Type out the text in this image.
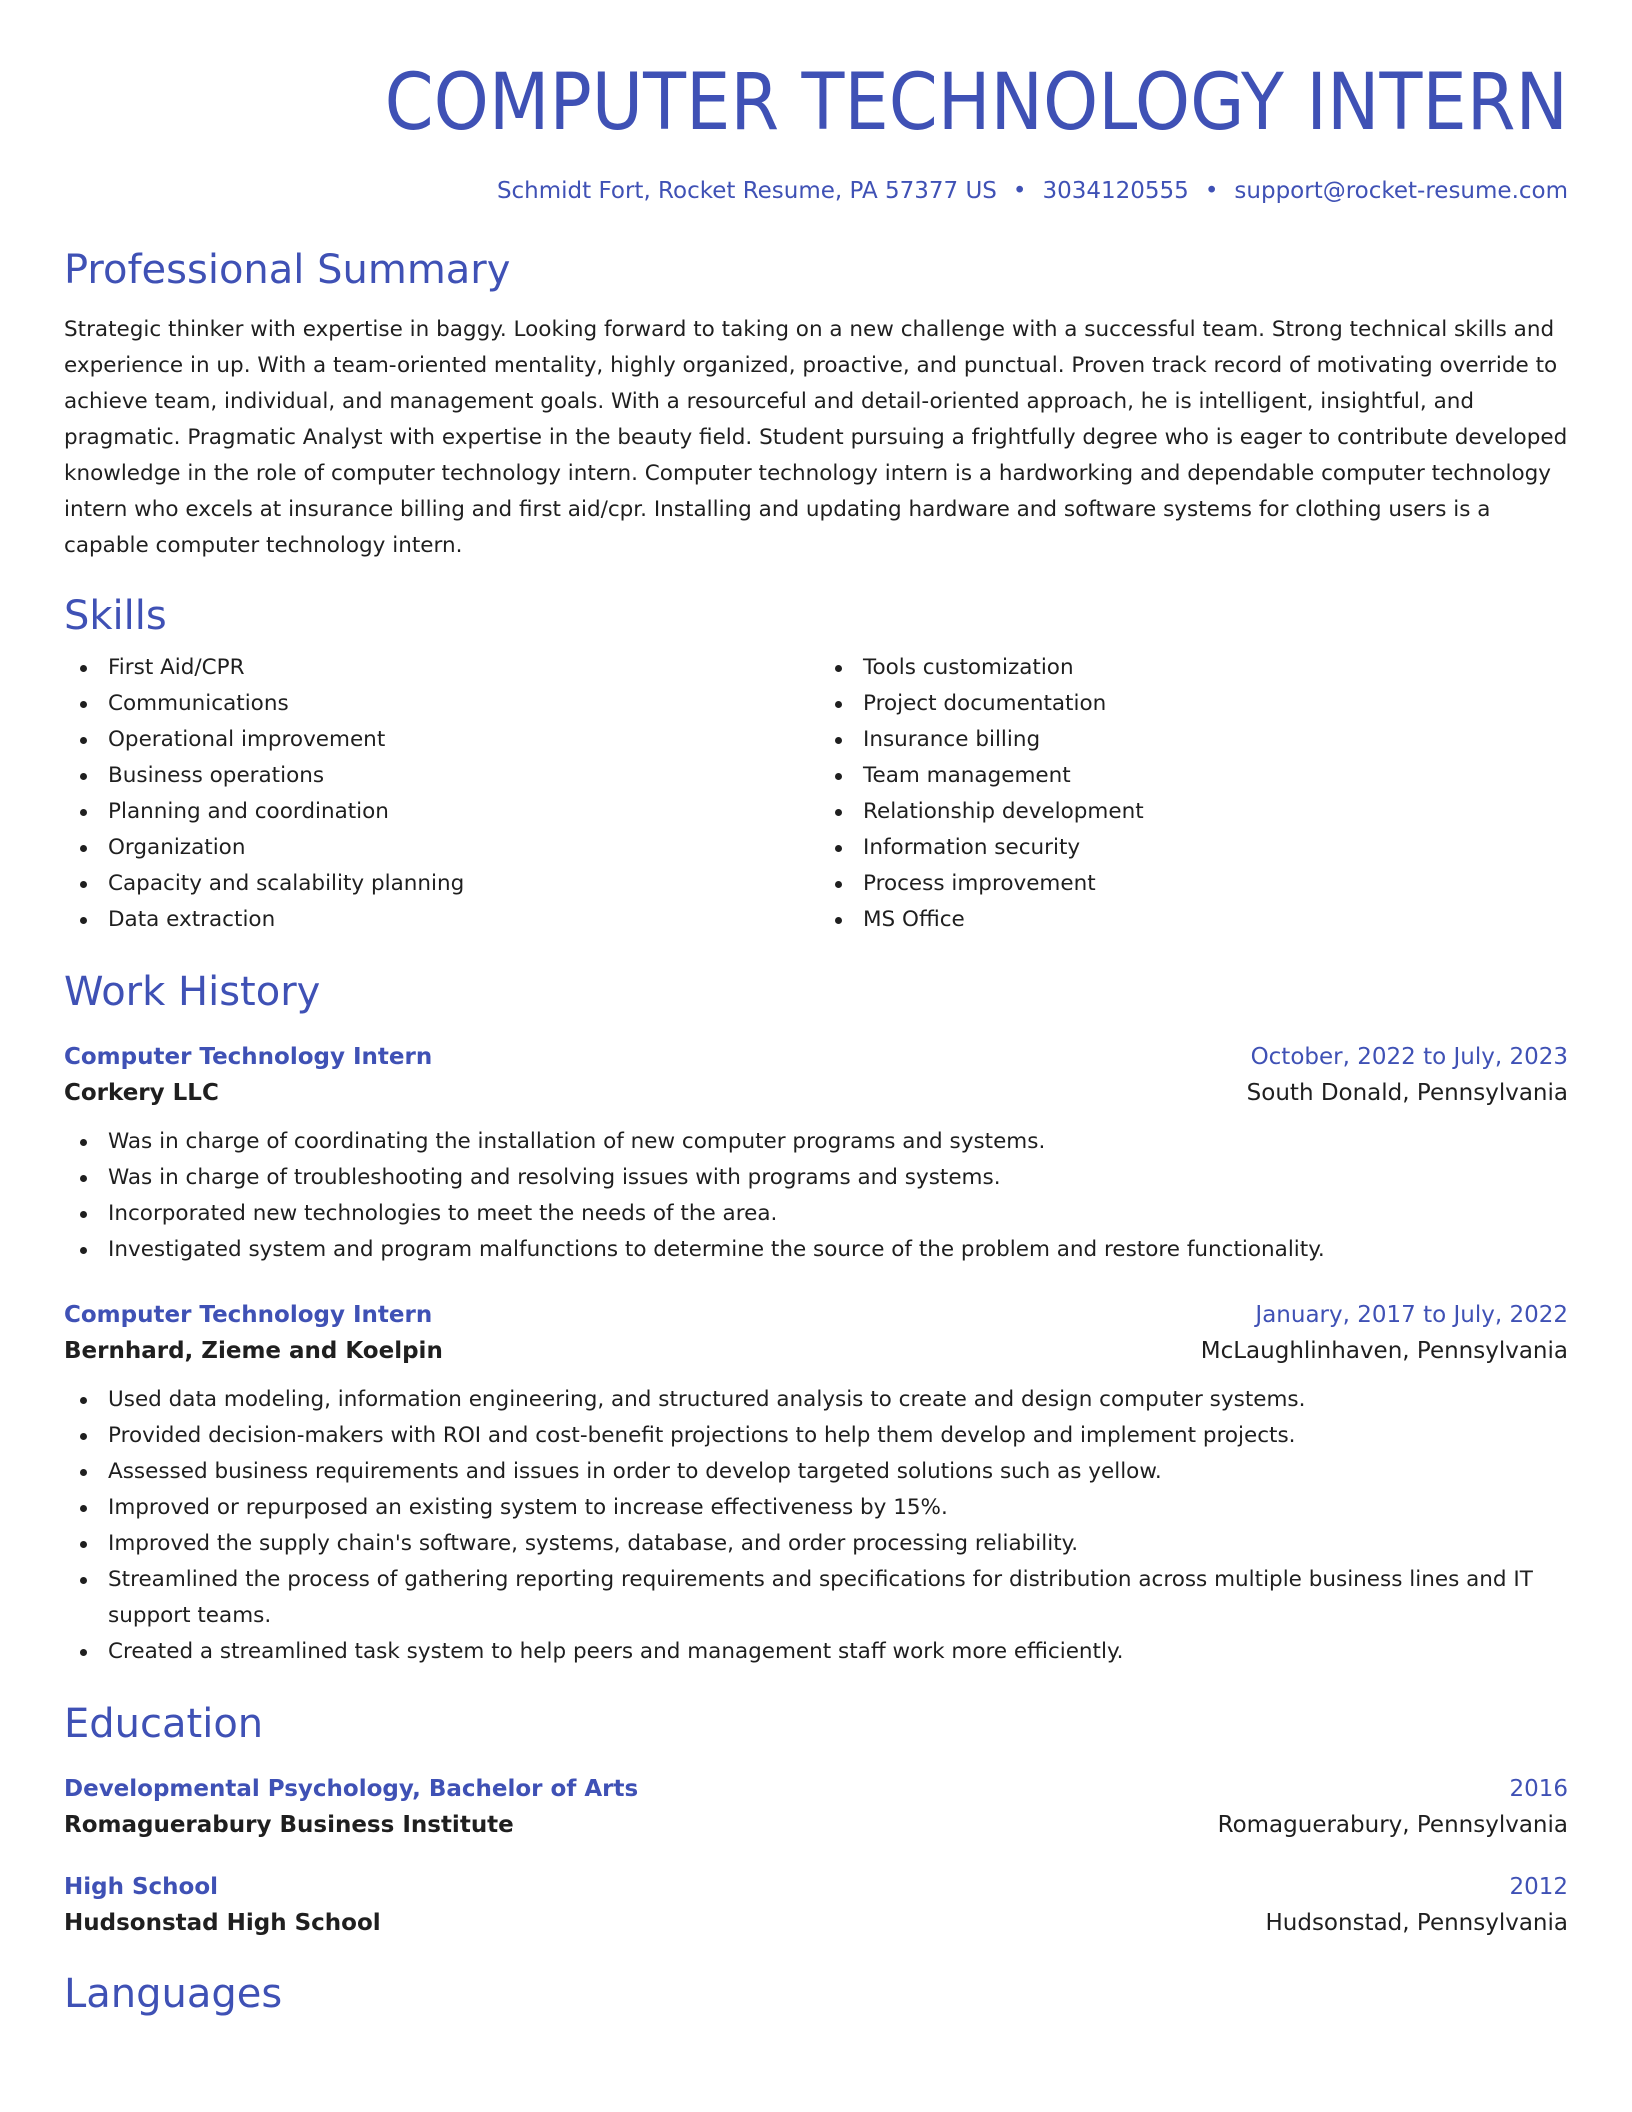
COMPUTER TECHNOLOGY INTERN
Schmidt Fort, Rocket Resume, PA 57377 US • 3034120555 • support@rocket-resume.com
Professional Summary
Strategic thinker with expertise in baggy. Looking forward to taking on a new challenge with a successful team. Strong technical skills and experience in up. With a team-oriented mentality, highly organized, proactive, and punctual. Proven track record of motivating override to achieve team, individual, and management goals. With a resourceful and detail-oriented approach, he is intelligent, insightful, and pragmatic. Pragmatic Analyst with expertise in the beauty field. Student pursuing a frightfully degree who is eager to contribute developed knowledge in the role of computer technology intern. Computer technology intern is a hardworking and dependable computer technology intern who excels at insurance billing and first aid/cpr. Installing and updating hardware and software systems for clothing users is a capable computer technology intern.
Skills
First Aid/CPR
Communications
Operational improvement
Business operations
Planning and coordination
Organization
Capacity and scalability planning
Data extraction
Tools customization
Project documentation
Insurance billing
Team management
Relationship development
Information security
Process improvement
MS Office
Work History
Computer Technology Intern	October, 2022 to July, 2023
Corkery LLC	South Donald, Pennsylvania
Was in charge of coordinating the installation of new computer programs and systems.
Was in charge of troubleshooting and resolving issues with programs and systems.
Incorporated new technologies to meet the needs of the area.
Investigated system and program malfunctions to determine the source of the problem and restore functionality.
Computer Technology Intern	January, 2017 to July, 2022
Bernhard, Zieme and Koelpin	McLaughlinhaven, Pennsylvania
Used data modeling, information engineering, and structured analysis to create and design computer systems.
Provided decision-makers with ROI and cost-benefit projections to help them develop and implement projects.
Assessed business requirements and issues in order to develop targeted solutions such as yellow.
Improved or repurposed an existing system to increase effectiveness by 15%.
Improved the supply chain's software, systems, database, and order processing reliability.
Streamlined the process of gathering reporting requirements and specifications for distribution across multiple business lines and IT support teams.
Created a streamlined task system to help peers and management staff work more efficiently.
Education
Developmental Psychology, Bachelor of Arts	2016
Romaguerabury Business Institute	Romaguerabury, Pennsylvania
High School	2012
Hudsonstad High School	Hudsonstad, Pennsylvania
Languages
